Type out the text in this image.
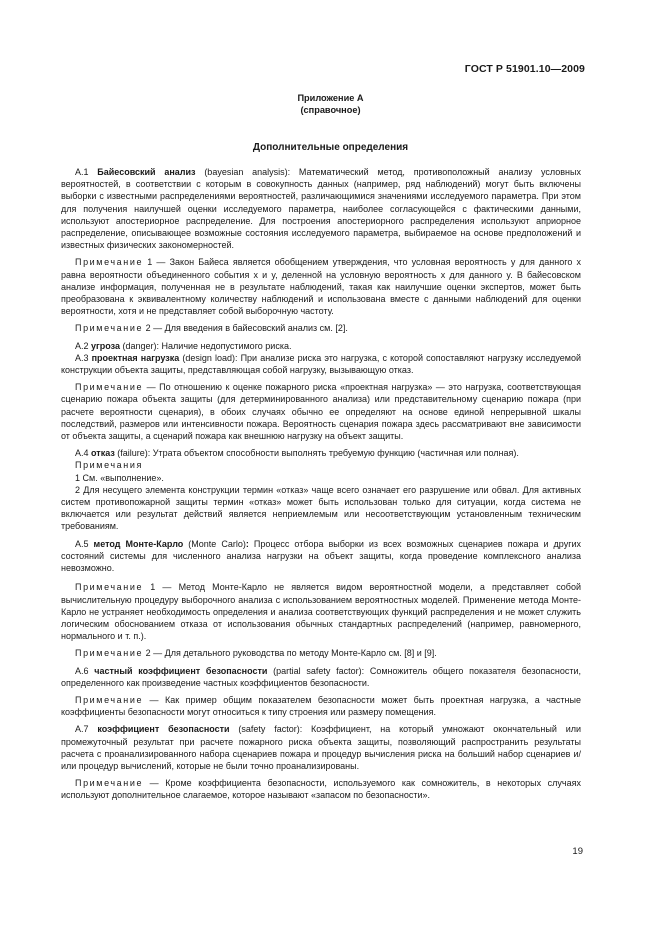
ГОСТ Р 51901.10—2009
Приложение А
(справочное)
Дополнительные определения

А.1 Байесовский анализ (bayesian analysis): Математический метод, противоположный анализу условных вероятностей, в соответствии с которым в совокупность данных (например, ряд наблюдений) могут быть включены выборки с известными распределениями вероятностей, различающимися значениями исследуемого параметра. При этом для получения наилучшей оценки исследуемого параметра, наиболее согласующейся с фактическими данными, используют апостериорное распределение. Для построения апостериорного распределения используют априорное распределение, описывающее возможные состояния исследуемого параметра, выбираемое на основе предположений и известных физических закономерностей.

Примечание 1 — Закон Байеса является обобщением утверждения, что условная вероятность y для данного x равна вероятности объединенного события x и y, деленной на условную вероятность x для данного y. В байесовском анализе информация, полученная не в результате наблюдений, такая как наилучшие оценки экспертов, может быть преобразована к эквивалентному количеству наблюдений и использована вместе с данными наблюдений для оценки вероятности, хотя и не представляет собой выборочную частоту.

Примечание 2 — Для введения в байесовский анализ см. [2].

А.2 угроза (danger): Наличие недопустимого риска.

А.3 проектная нагрузка (design load): При анализе риска это нагрузка, с которой сопоставляют нагрузку исследуемой конструкции объекта защиты, представляющая собой нагрузку, вызывающую отказ.

Примечание — По отношению к оценке пожарного риска «проектная нагрузка» — это нагрузка, соответствующая сценарию пожара объекта защиты (для детерминированного анализа) или представительному сценарию пожара (при расчете вероятности сценария), в обоих случаях обычно ее определяют на основе единой непрерывной шкалы последствий, размеров или интенсивности пожара. Вероятность сценария пожара здесь рассматривают вне зависимости от объекта защиты, а сценарий пожара как внешнюю нагрузку на объект защиты.

А.4 отказ (failure): Утрата объектом способности выполнять требуемую функцию (частичная или полная).

Примечания

1 См. «выполнение».

2 Для несущего элемента конструкции термин «отказ» чаще всего означает его разрушение или обвал. Для активных систем противопожарной защиты термин «отказ» может быть использован только для ситуации, когда система не включается или результат действий является неприемлемым или несоответствующим установленным техническим требованиям.

А.5 метод Монте-Карло (Monte Carlo): Процесс отбора выборки из всех возможных сценариев пожара и других состояний системы для численного анализа нагрузки на объект защиты, когда проведение комплексного анализа невозможно.

Примечание 1 — Метод Монте-Карло не является видом вероятностной модели, а представляет собой вычислительную процедуру выборочного анализа с использованием вероятностных моделей. Применение метода Монте-Карло не устраняет необходимость определения и анализа соответствующих функций распределения и не может служить логическим обоснованием отказа от использования обычных стандартных распределений (например, равномерного, нормального и т. п.).

Примечание 2 — Для детального руководства по методу Монте-Карло см. [8] и [9].

А.6 частный коэффициент безопасности (partial safety factor): Сомножитель общего показателя безопасности, определенного как произведение частных коэффициентов безопасности.

Примечание — Как пример общим показателем безопасности может быть проектная нагрузка, а частные коэффициенты безопасности могут относиться к типу строения или размеру помещения.

А.7 коэффициент безопасности (safety factor): Коэффициент, на который умножают окончательный или промежуточный результат при расчете пожарного риска объекта защиты, позволяющий распространить результаты расчета с проанализированного набора сценариев пожара и процедур вычисления риска на больший набор сценариев и/или процедур вычислений, которые не были точно проанализированы.

Примечание — Кроме коэффициента безопасности, используемого как сомножитель, в некоторых случаях используют дополнительное слагаемое, которое называют «запасом по безопасности».

19
